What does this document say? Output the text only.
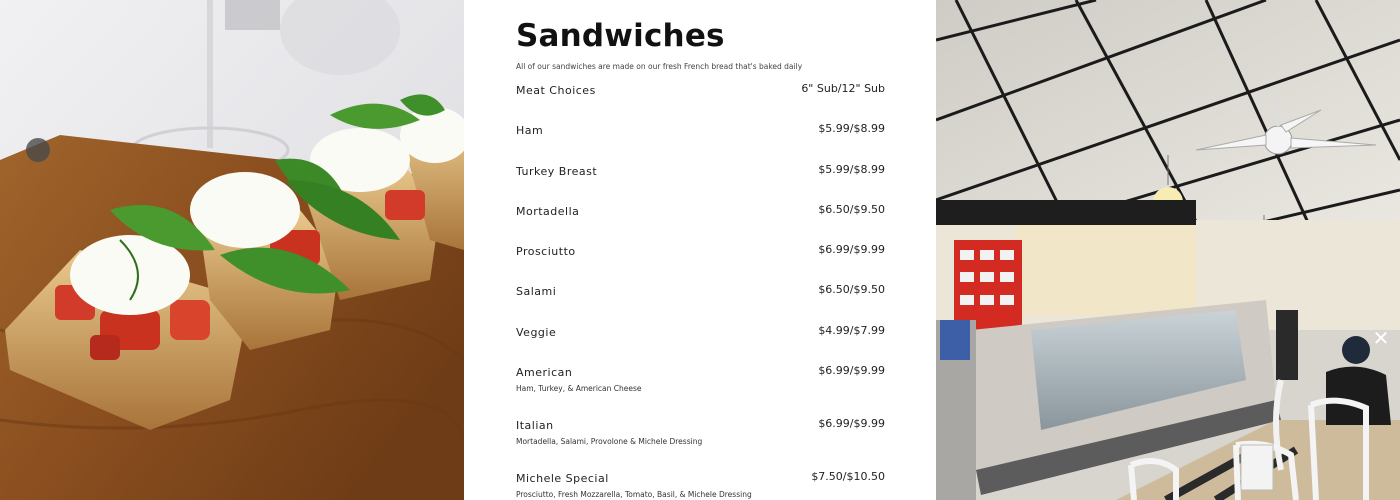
Sandwiches
All of our sandwiches are made on our fresh French bread that's baked daily
Meat Choices	6" Sub/12" Sub
Ham	$5.99/$8.99
Turkey Breast	$5.99/$8.99
Mortadella	$6.50/$9.50
Prosciutto	$6.99/$9.99
Salami	$6.50/$9.50
Veggie	$4.99/$7.99
American	$6.99/$9.99
Ham, Turkey, & American Cheese
Italian	$6.99/$9.99
Mortadella, Salami, Provolone & Michele Dressing
Michele Special	$7.50/$10.50
Prosciutto, Fresh Mozzarella, Tomato, Basil, & Michele Dressing
✕
